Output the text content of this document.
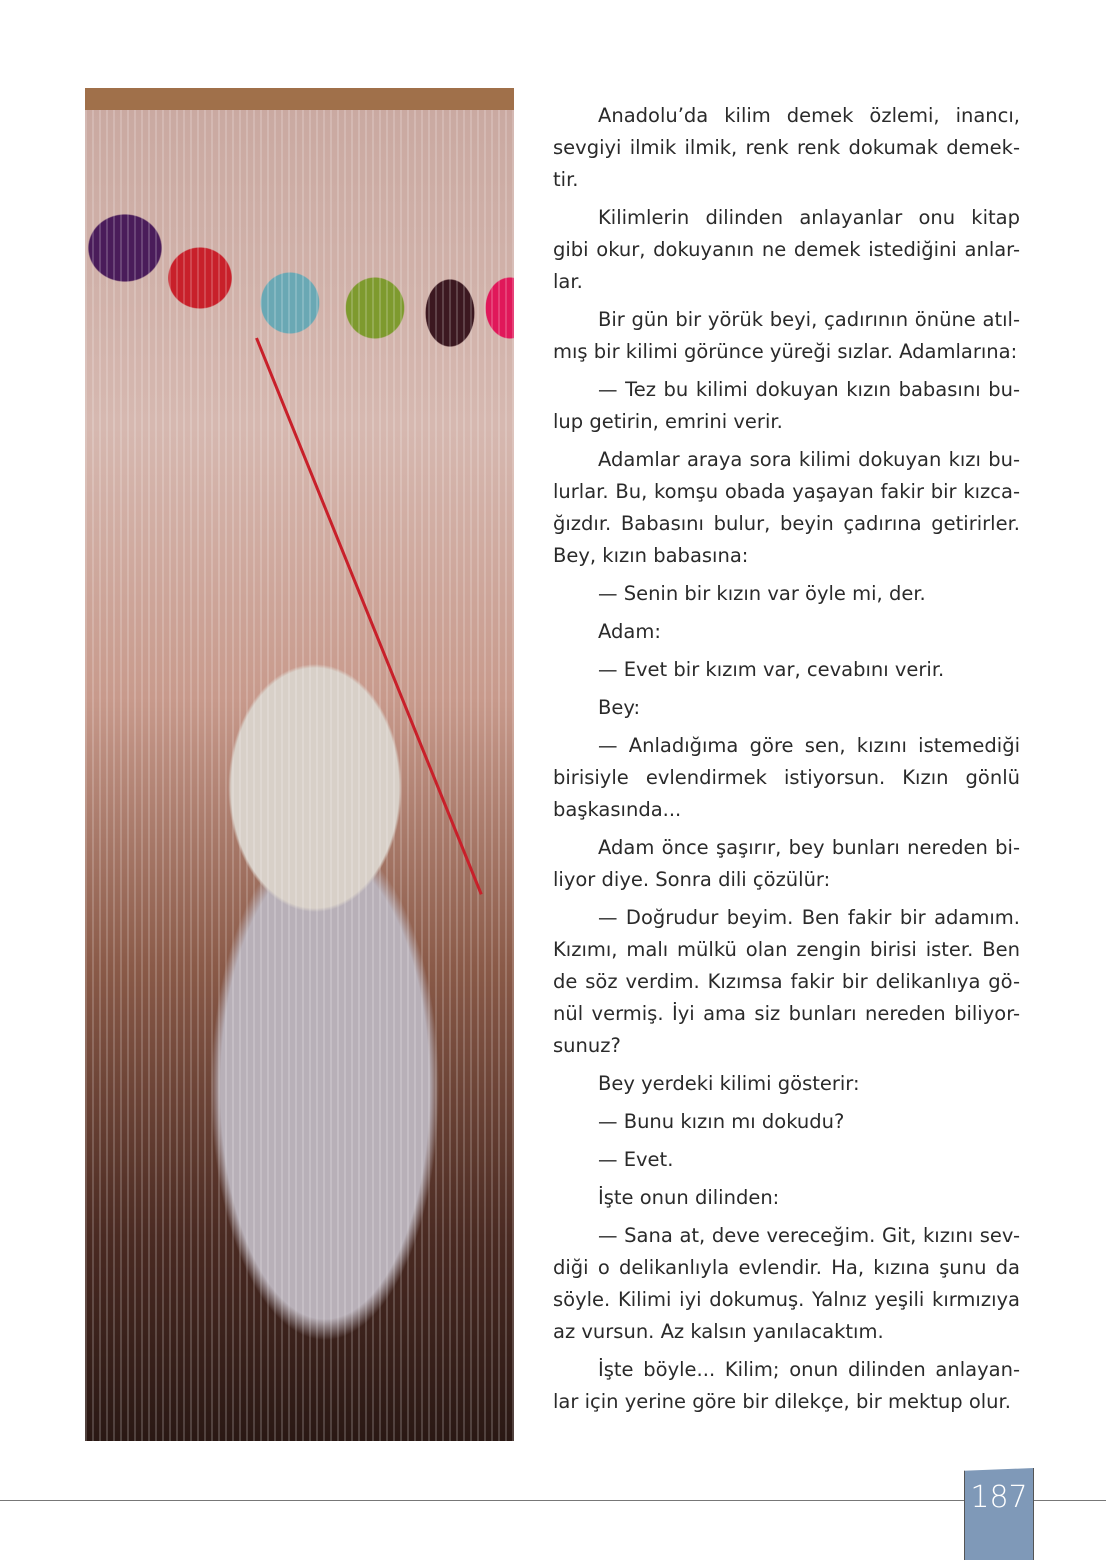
Anadolu’da kilim demek özlemi, inancı,
sevgiyi ilmik ilmik, renk renk dokumak demek-
tir.
Kilimlerin dilinden anlayanlar onu kitap
gibi okur, dokuyanın ne demek istediğini anlar-
lar.
Bir gün bir yörük beyi, çadırının önüne atıl-
mış bir kilimi görünce yüreği sızlar. Adamlarına:
— Tez bu kilimi dokuyan kızın babasını bu-
lup getirin, emrini verir.
Adamlar araya sora kilimi dokuyan kızı bu-
lurlar. Bu, komşu obada yaşayan fakir bir kızca-
ğızdır. Babasını bulur, beyin çadırına getirirler.
Bey, kızın babasına:
— Senin bir kızın var öyle mi, der.
Adam:
— Evet bir kızım var, cevabını verir.
Bey:
— Anladığıma göre sen, kızını istemediği
birisiyle evlendirmek istiyorsun. Kızın gönlü
başkasında...
Adam önce şaşırır, bey bunları nereden bi-
liyor diye. Sonra dili çözülür:
— Doğrudur beyim. Ben fakir bir adamım.
Kızımı, malı mülkü olan zengin birisi ister. Ben
de söz verdim. Kızımsa fakir bir delikanlıya gö-
nül vermiş. İyi ama siz bunları nereden biliyor-
sunuz?
Bey yerdeki kilimi gösterir:
— Bunu kızın mı dokudu?
— Evet.
İşte onun dilinden:
— Sana at, deve vereceğim. Git, kızını sev-
diği o delikanlıyla evlendir. Ha, kızına şunu da
söyle. Kilimi iyi dokumuş. Yalnız yeşili kırmızıya
az vursun. Az kalsın yanılacaktım.
İşte böyle... Kilim; onun dilinden anlayan-
lar için yerine göre bir dilekçe, bir mektup olur.
187
